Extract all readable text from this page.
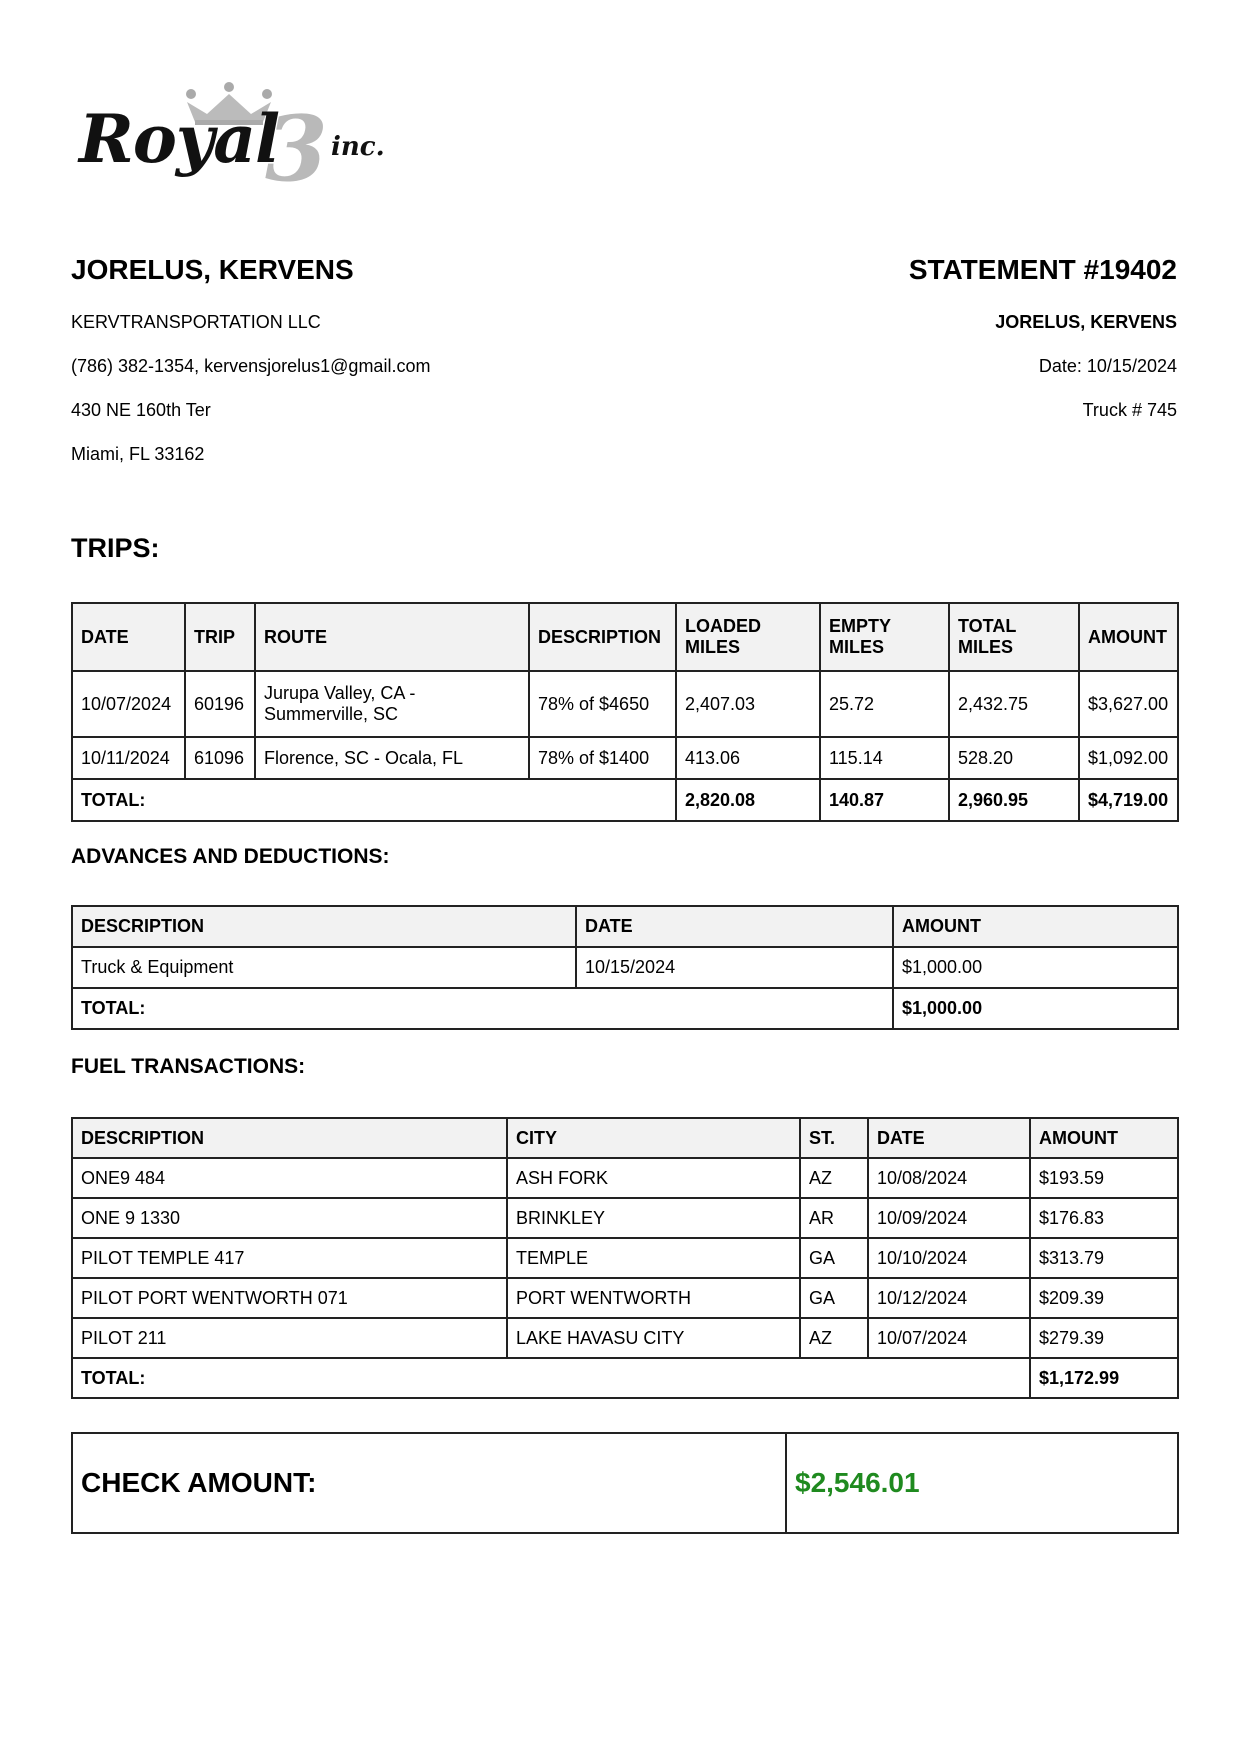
Royal
3 inc.
JORELUS, KERVENS
KERVTRANSPORTATION LLC
(786) 382-1354, kervensjorelus1@gmail.com
430 NE 160th Ter
Miami, FL 33162
STATEMENT #19402
JORELUS, KERVENS
Date: 10/15/2024
Truck # 745
TRIPS:
DATE	TRIP	ROUTE	DESCRIPTION	LOADED MILES	EMPTY MILES	TOTAL MILES	AMOUNT
10/07/2024	60196	Jurupa Valley, CA - Summerville, SC	78% of $4650	2,407.03	25.72	2,432.75	$3,627.00
10/11/2024	61096	Florence, SC - Ocala, FL	78% of $1400	413.06	115.14	528.20	$1,092.00
TOTAL:				2,820.08	140.87	2,960.95	$4,719.00
ADVANCES AND DEDUCTIONS:
DESCRIPTION	DATE	AMOUNT
Truck & Equipment	10/15/2024	$1,000.00
TOTAL:		$1,000.00
FUEL TRANSACTIONS:
DESCRIPTION	CITY	ST.	DATE	AMOUNT
ONE9 484	ASH FORK	AZ	10/08/2024	$193.59
ONE 9 1330	BRINKLEY	AR	10/09/2024	$176.83
PILOT TEMPLE 417	TEMPLE	GA	10/10/2024	$313.79
PILOT PORT WENTWORTH 071	PORT WENTWORTH	GA	10/12/2024	$209.39
PILOT 211	LAKE HAVASU CITY	AZ	10/07/2024	$279.39
TOTAL:				$1,172.99
CHECK AMOUNT:	$2,546.01
